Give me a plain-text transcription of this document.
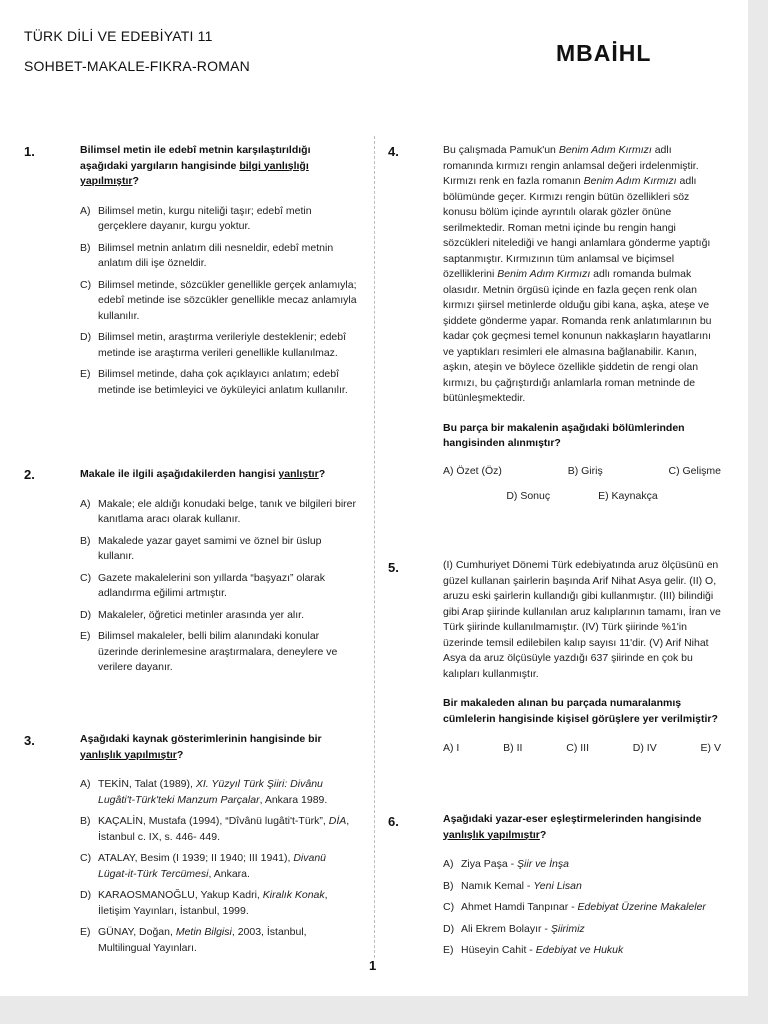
TÜRK DİLİ VE EDEBİYATI 11
SOHBET-MAKALE-FIKRA-ROMAN	MBAİHL
1.	Bilimsel metin ile edebî metnin karşılaştırıldığı aşağıdaki yargıların hangisinde bilgi yanlışlığı yapılmıştır?

A) Bilimsel metin, kurgu niteliği taşır; edebî metin gerçeklere dayanır, kurgu yoktur.
B) Bilimsel metnin anlatım dili nesneldir, edebî metnin anlatım dili işe özneldir.
C) Bilimsel metinde, sözcükler genellikle gerçek anlamıyla; edebî metinde ise sözcükler genellikle mecaz anlamıyla kullanılır.
D) Bilimsel metin, araştırma verileriyle desteklenir; edebî metinde ise araştırma verileri genellikle kullanılmaz.
E) Bilimsel metinde, daha çok açıklayıcı anlatım; edebî metinde ise betimleyici ve öyküleyici anlatım kullanılır.
2.	Makale ile ilgili aşağıdakilerden hangisi yanlıştır?

A) Makale; ele aldığı konudaki belge, tanık ve bilgileri birer kanıtlama aracı olarak kullanır.
B) Makalede yazar gayet samimi ve öznel bir üslup kullanır.
C) Gazete makalelerini son yıllarda “başyazı” olarak adlandırma eğilimi artmıştır.
D) Makaleler, öğretici metinler arasında yer alır.
E) Bilimsel makaleler, belli bilim alanındaki konular üzerinde derinlemesine araştırmalara, deneylere ve verilere dayanır.
3.	Aşağıdaki kaynak gösterimlerinin hangisinde bir yanlışlık yapılmıştır?

A) TEKİN, Talat (1989), XI. Yüzyıl Türk Şiiri: Divânu Lugâti't-Türk'teki Manzum Parçalar, Ankara 1989.
B) KAÇALİN, Mustafa (1994), “Dîvânü lugâti't-Türk”, DİA, İstanbul c. IX, s. 446- 449.
C) ATALAY, Besim (I 1939; II 1940; III 1941), Divanü Lügat-it-Türk Tercümesi, Ankara.
D) KARAOSMANOĞLU, Yakup Kadri, Kiralık Konak, İletişim Yayınları, İstanbul, 1999.
E) GÜNAY, Doğan, Metin Bilgisi, 2003, İstanbul, Multilingual Yayınları.
4.	Bu çalışmada Pamuk'un Benim Adım Kırmızı adlı romanında kırmızı rengin anlamsal değeri irdelenmiştir. Kırmızı renk en fazla romanın Benim Adım Kırmızı adlı bölümünde geçer. Kırmızı rengin bütün özellikleri söz konusu bölüm içinde ayrıntılı olarak gözler önüne serilmektedir. Roman metni içinde bu rengin hangi sözcükleri nitelediği ve hangi anlamlara gönderme yaptığı saptanmıştır. Kırmızının tüm anlamsal ve biçimsel özelliklerini Benim Adım Kırmızı adlı romanda bulmak olasıdır. Metnin örgüsü içinde en fazla geçen renk olan kırmızı şiirsel metinlerde olduğu gibi kana, aşka, ateşe ve şiddete gönderme yapar. Romanda renk anlatımlarının bu kadar çok geçmesi temel konunun nakkaşların hayatlarını ve yaptıkları resimleri ele almasına bağlanabilir. Kanın, aşkın, ateşin ve böylece özellikle şiddetin de rengi olan kırmızı, bu çağrıştırdığı anlamlarla roman metninde de bütünleşmektedir.

Bu parça bir makalenin aşağıdaki bölümlerinden hangisinden alınmıştır?

A) Özet (Öz)	B) Giriş	C) Gelişme
D) Sonuç	E) Kaynakça
5.	(I) Cumhuriyet Dönemi Türk edebiyatında aruz ölçüsünü en güzel kullanan şairlerin başında Arif Nihat Asya gelir. (II) O, aruzu eski şairlerin kullandığı gibi kullanmıştır. (III) bilindiği gibi Arap şiirinde kullanılan aruz kalıplarının tamamı, İran ve Türk şiirinde kullanılmamıştır. (IV) Türk şiirinde %1'in üzerinde temsil edilebilen kalıp sayısı 11'dir. (V) Arif Nihat Asya da aruz ölçüsüyle yazdığı 637 şiirinde en çok bu kalıpları kullanmıştır.

Bir makaleden alınan bu parçada numaralanmış cümlelerin hangisinde kişisel görüşlere yer verilmiştir?

A) I	B) II	C) III	D) IV	E) V
6.	Aşağıdaki yazar-eser eşleştirmelerinden hangisinde yanlışlık yapılmıştır?

A) Ziya Paşa - Şiir ve İnşa
B) Namık Kemal - Yeni Lisan
C) Ahmet Hamdi Tanpınar - Edebiyat Üzerine Makaleler
D) Ali Ekrem Bolayır - Şiirimiz
E) Hüseyin Cahit - Edebiyat ve Hukuk
1
